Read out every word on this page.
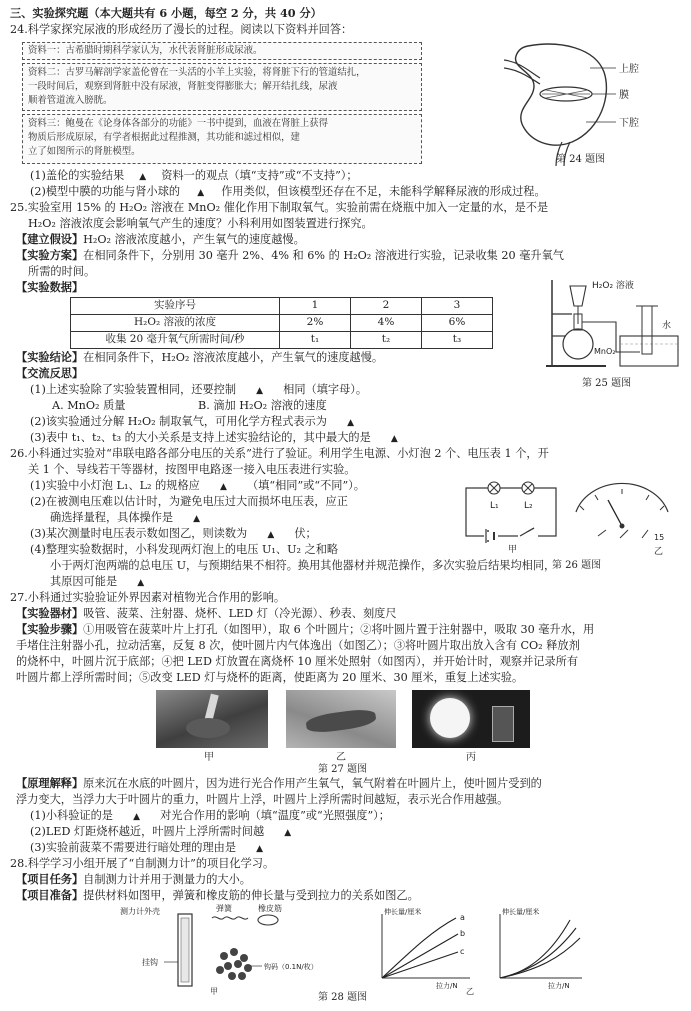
三、实验探究题（本大题共有 6 小题，每空 2 分，共 40 分）
24.科学家探究尿液的形成经历了漫长的过程。阅读以下资料并回答：
资料一：古希腊时期科学家认为，水代表肾脏形成尿液。
资料二：古罗马解剖学家盖伦曾在一头活的小羊上实验，将肾脏下行的管道结扎，
一段时间后，观察到肾脏中没有尿液，肾脏变得膨胀大；解开结扎线，尿液
顺着管道流入膀胱。
资料三：鲍曼在《论身体各部分的功能》一书中提到，血液在肾脏上获得
物质后形成原尿，有学者根据此过程推测，其功能和滤过相似，建
立了如图所示的肾脏模型。
上腔
膜
下腔
第 24 题图
(1)盖伦的实验结果 ▲ 资料一的观点（填“支持”或“不支持”）；
(2)模型中膜的功能与肾小球的 ▲ 作用类似，但该模型还存在不足，未能科学解释尿液的形成过程。
25.实验室用 15% 的 H₂O₂ 溶液在 MnO₂ 催化作用下制取氧气。实验前需在烧瓶中加入一定量的水，是不是
H₂O₂ 溶液浓度会影响氧气产生的速度？小科利用如图装置进行探究。
【建立假设】H₂O₂ 溶液浓度越小，产生氧气的速度越慢。
【实验方案】在相同条件下，分别用 30 毫升 2%、4% 和 6% 的 H₂O₂ 溶液进行实验，记录收集 20 毫升氧气
所需的时间。
【实验数据】
实验序号	1	2	3
H₂O₂ 溶液的浓度	2%	4%	6%
收集 20 毫升氧气所需时间/秒	t₁	t₂	t₃
【实验结论】在相同条件下，H₂O₂ 溶液浓度越小，产生氧气的速度越慢。
【交流反思】
(1)上述实验除了实验装置相同，还要控制 ▲ 相同（填字母）。
A. MnO₂ 质量	B. 滴加 H₂O₂ 溶液的速度
(2)该实验通过分解 H₂O₂ 制取氧气，可用化学方程式表示为 ▲
(3)表中 t₁、t₂、t₃ 的大小关系是支持上述实验结论的，其中最大的是 ▲
H₂O₂ 溶液
水
MnO₂
第 25 题图
26.小科通过实验对“串联电路各部分电压的关系”进行了验证。利用学生电源、小灯泡 2 个、电压表 1 个，开
关 1 个、导线若干等器材，按图甲电路逐一接入电压表进行实验。
(1)实验中小灯泡 L₁、L₂ 的规格应 ▲ （填“相同”或“不同”）。
(2)在被测电压难以估计时，为避免电压过大而损坏电压表，应正
确选择量程，具体操作是 ▲
(3)某次测量时电压表示数如图乙，则读数为 ▲ 伏；
(4)整理实验数据时，小科发现两灯泡上的电压 U₁、U₂ 之和略
小于两灯泡两端的总电压 U，与预期结果不相符。换用其他器材并规范操作，多次实验后结果均相同，
其原因可能是 ▲
L₁	L₂
甲
15
乙
第 26 题图
27.小科通过实验验证外界因素对植物光合作用的影响。
【实验器材】吸管、菠菜、注射器、烧杯、LED 灯（冷光源）、秒表、刻度尺
【实验步骤】①用吸管在菠菜叶片上打孔（如图甲），取 6 个叶圆片；②将叶圆片置于注射器中，吸取 30 毫升水，用
手堵住注射器小孔，拉动活塞，反复 8 次，使叶圆片内气体逸出（如图乙）；③将叶圆片取出放入含有 CO₂ 释放剂
的烧杯中，叶圆片沉于底部；④把 LED 灯放置在离烧杯 10 厘米处照射（如图丙），并开始计时，观察并记录所有
叶圆片都上浮所需时间；⑤改变 LED 灯与烧杯的距离，使距离为 20 厘米、30 厘米，重复上述实验。
甲	乙	丙
第 27 题图
【原理解释】原来沉在水底的叶圆片，因为进行光合作用产生氧气，氧气附着在叶圆片上，使叶圆片受到的
浮力变大，当浮力大于叶圆片的重力，叶圆片上浮，叶圆片上浮所需时间越短，表示光合作用越强。
(1)小科验证的是 ▲ 对光合作用的影响（填“温度”或“光照强度”）；
(2)LED 灯距烧杯越近，叶圆片上浮所需时间越 ▲
(3)实验前菠菜不需要进行暗处理的理由是 ▲
28.科学学习小组开展了“自制测力计”的项目化学习。
【项目任务】自制测力计并用于测量力的大小。
【项目准备】提供材料如图甲，弹簧和橡皮筋的伸长量与受到拉力的关系如图乙。
测力计外壳	弹簧	橡皮筋
挂钩	钩码（0.1N/枚）
甲
伸长量/厘米
a
b
c
拉力/N
乙
伸长量/厘米
拉力/N
第 28 题图
